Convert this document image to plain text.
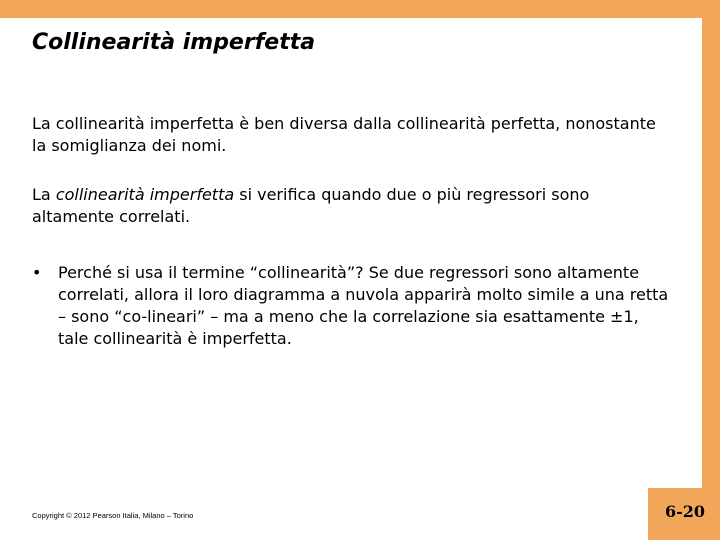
Collinearità imperfetta

La collinearità imperfetta è ben diversa dalla collinearità perfetta, nonostante la somiglianza dei nomi.

La collinearità imperfetta si verifica quando due o più regressori sono altamente correlati.

• Perché si usa il termine “collinearità”? Se due regressori sono altamente correlati, allora il loro diagramma a nuvola apparirà molto simile a una retta – sono “co-lineari” – ma a meno che la correlazione sia esattamente ±1, tale collinearità è imperfetta.
Copyright © 2012 Pearson Italia, Milano – Torino	6-20
